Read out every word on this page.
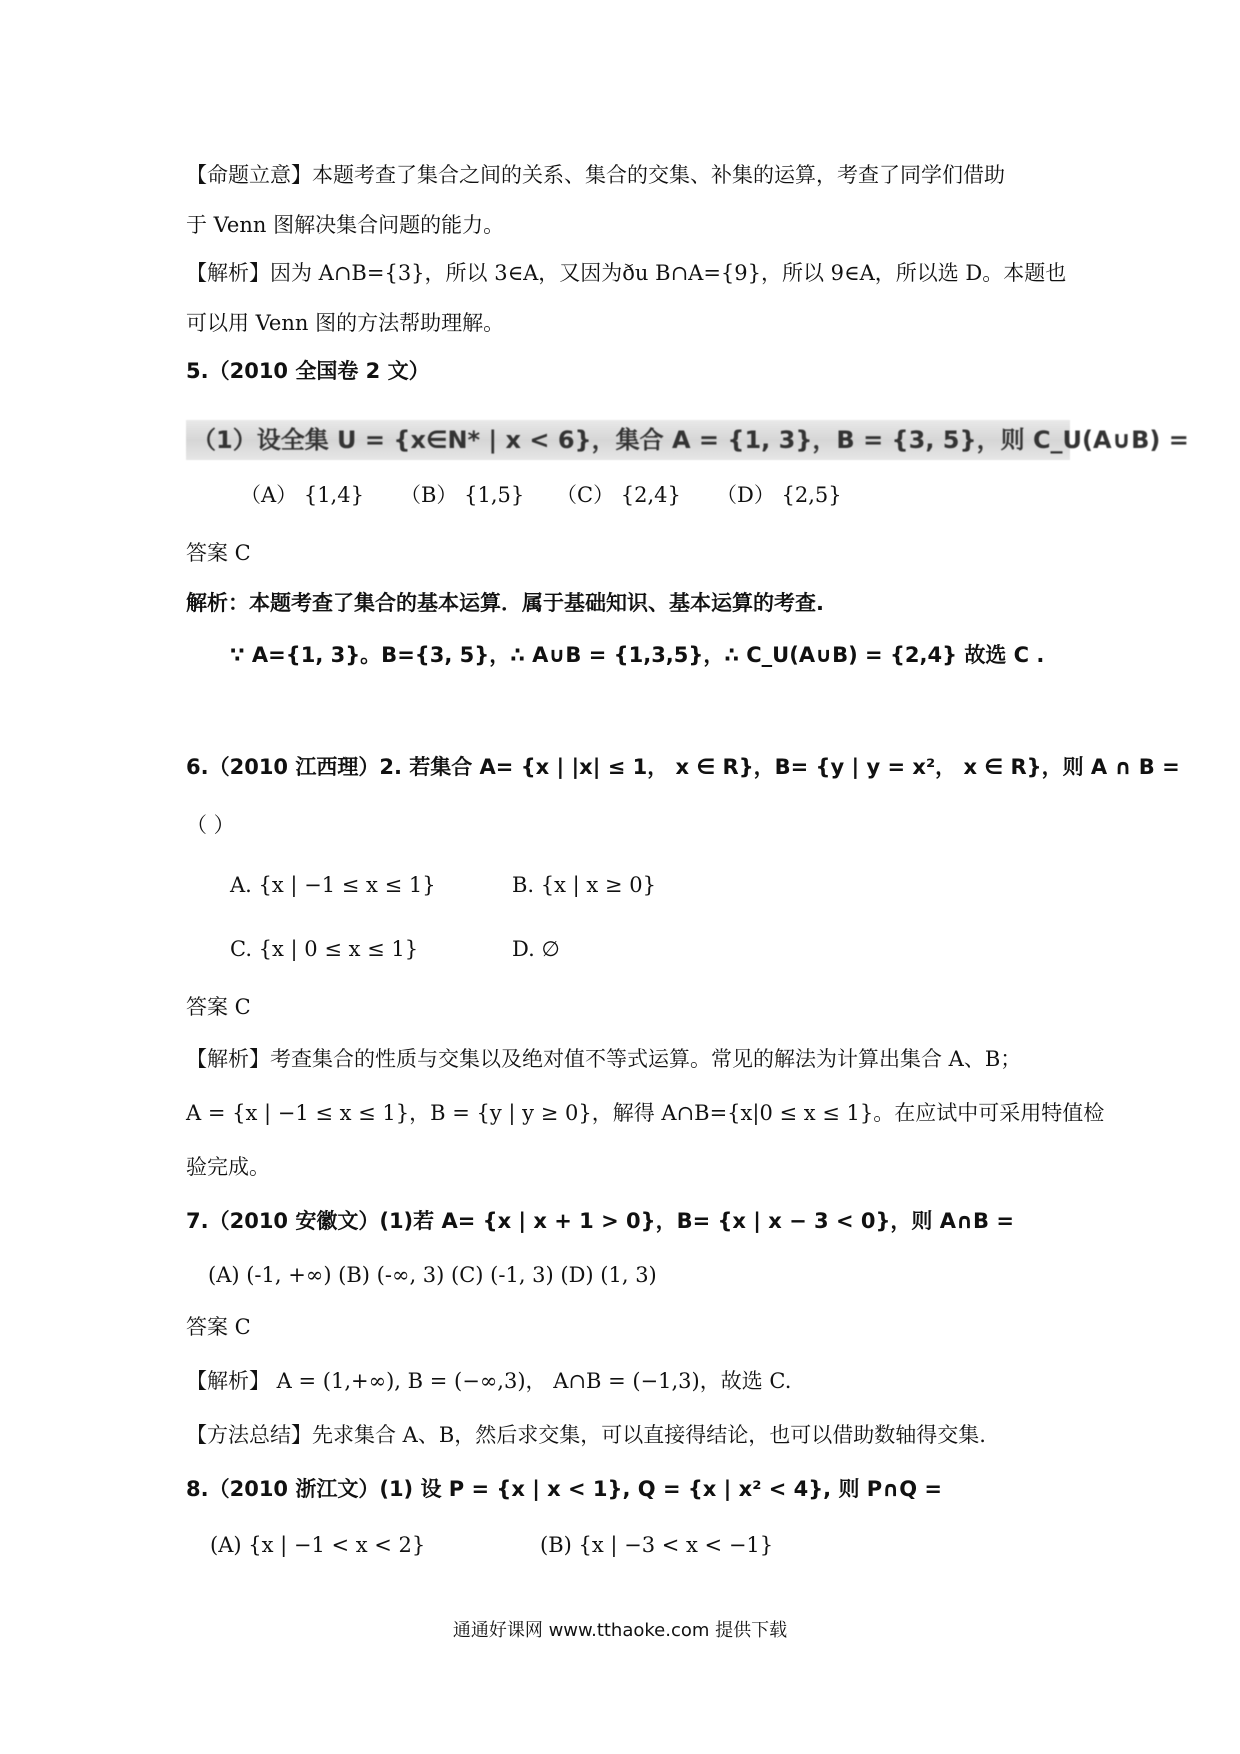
【命题立意】本题考查了集合之间的关系、集合的交集、补集的运算，考查了同学们借助
于 Venn 图解决集合问题的能力。
【解析】因为 A∩B={3}，所以 3∈A，又因为ðu B∩A={9}，所以 9∈A，所以选 D。本题也
可以用 Venn 图的方法帮助理解。
5.（2010 全国卷 2 文）
（1）设全集 U = {x∈N* | x < 6}，集合 A = {1, 3}，B = {3, 5}，则 C_U(A∪B) =
（A） {1,4} （B） {1,5} （C） {2,4} （D） {2,5}
答案 C
解析：本题考查了集合的基本运算．属于基础知识、基本运算的考查.
∵ A={1, 3}。B={3, 5}，∴ A∪B = {1,3,5}，∴ C_U(A∪B) = {2,4} 故选 C .
6.（2010 江西理）2. 若集合 A= {x | |x| ≤ 1， x ∈ R}，B= {y | y = x²， x ∈ R}，则 A ∩ B =
（ ）
A. {x | −1 ≤ x ≤ 1}	B. {x | x ≥ 0}
C. {x | 0 ≤ x ≤ 1}	D. ∅
答案 C
【解析】考查集合的性质与交集以及绝对值不等式运算。常见的解法为计算出集合 A、B；
A = {x | −1 ≤ x ≤ 1}，B = {y | y ≥ 0}，解得 A∩B={x|0 ≤ x ≤ 1}。在应试中可采用特值检
验完成。
7.（2010 安徽文）(1)若 A= {x | x + 1 > 0}，B= {x | x − 3 < 0}，则 A∩B =
(A) (-1, +∞) (B) (-∞, 3) (C) (-1, 3) (D) (1, 3)
答案 C
【解析】 A = (1,+∞), B = (−∞,3)， A∩B = (−1,3)，故选 C.
【方法总结】先求集合 A、B，然后求交集，可以直接得结论，也可以借助数轴得交集.
8.（2010 浙江文）(1) 设 P = {x | x < 1}, Q = {x | x² < 4}, 则 P∩Q =
(A) {x | −1 < x < 2}	(B) {x | −3 < x < −1}
通通好课网 www.tthaoke.com 提供下载
